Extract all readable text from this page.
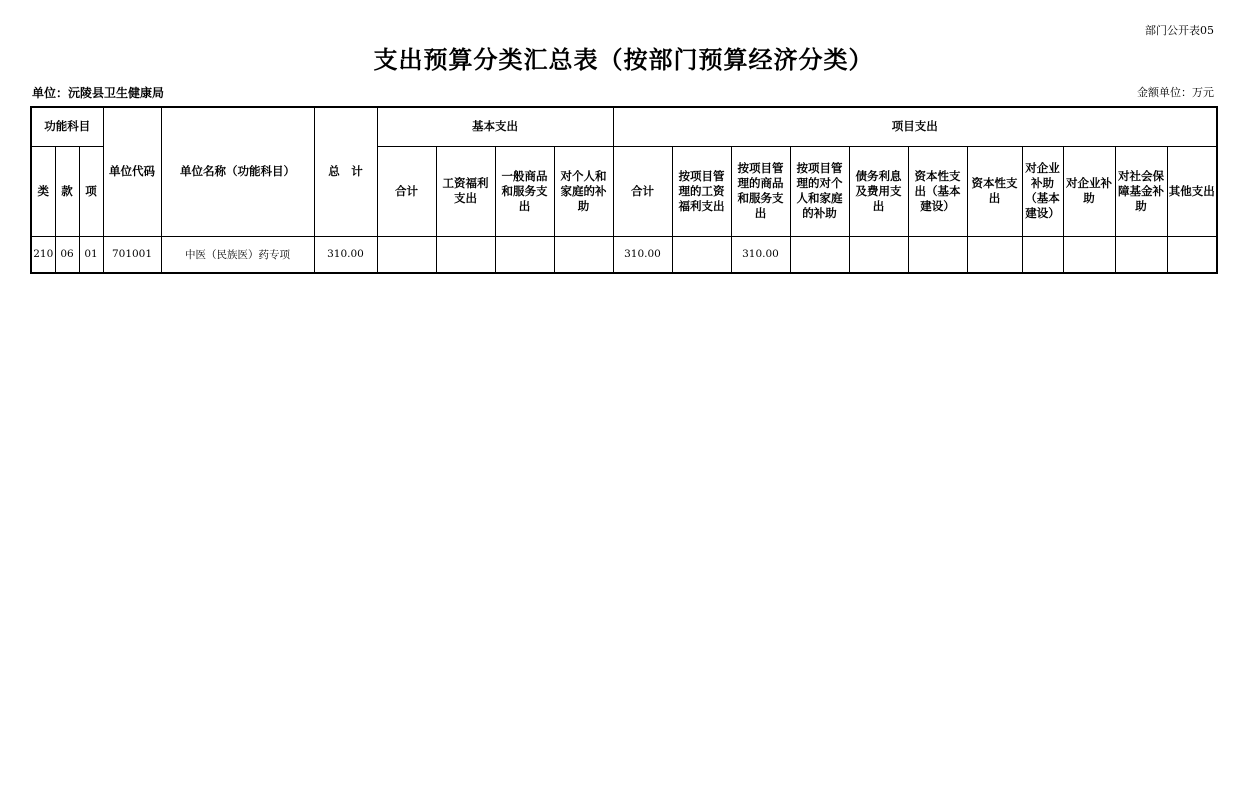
部门公开表05
支出预算分类汇总表（按部门预算经济分类）
单位：沅陵县卫生健康局	金额单位：万元
功能科目			单位代码	单位名称（功能科目）	总　计	基本支出				项目支出										
类	款	项				合计	工资福利支出	一般商品和服务支出	对个人和家庭的补助	合计	按项目管理的工资福利支出	按项目管理的商品和服务支出	按项目管理的对个人和家庭的补助	债务利息及费用支出	资本性支出（基本建设）	资本性支出	对企业补助（基本建设）	对企业补助	对社会保障基金补助	其他支出
210	06	01	701001	中医（民族医）药专项	310.00					310.00		310.00								
